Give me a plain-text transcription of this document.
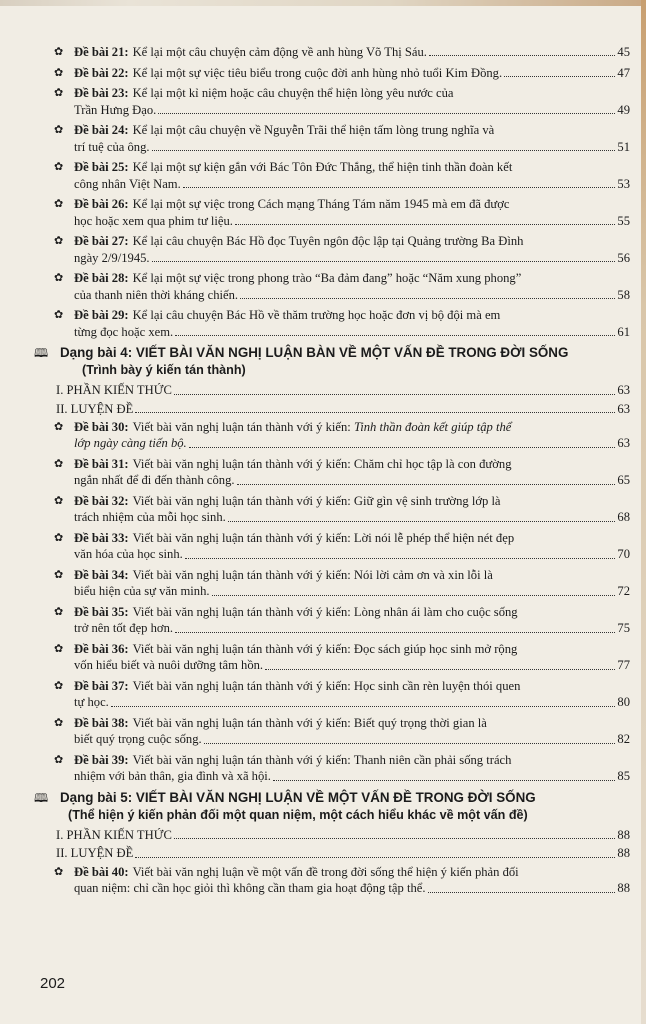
✿ Đề bài 21: Kể lại một câu chuyện cảm động về anh hùng Võ Thị Sáu.	45
✿ Đề bài 22: Kể lại một sự việc tiêu biểu trong cuộc đời anh hùng nhỏ tuổi Kim Đồng.	47
✿ Đề bài 23: Kể lại một kỉ niệm hoặc câu chuyện thể hiện lòng yêu nước của
Trần Hưng Đạo.	49
✿ Đề bài 24: Kể lại một câu chuyện về Nguyễn Trãi thể hiện tấm lòng trung nghĩa và
trí tuệ của ông.	51
✿ Đề bài 25: Kể lại một sự kiện gắn với Bác Tôn Đức Thắng, thể hiện tinh thần đoàn kết
công nhân Việt Nam.	53
✿ Đề bài 26: Kể lại một sự việc trong Cách mạng Tháng Tám năm 1945 mà em đã được
học hoặc xem qua phim tư liệu.	55
✿ Đề bài 27: Kể lại câu chuyện Bác Hồ đọc Tuyên ngôn độc lập tại Quảng trường Ba Đình
ngày 2/9/1945.	56
✿ Đề bài 28: Kể lại một sự việc trong phong trào “Ba đảm đang” hoặc “Năm xung phong”
của thanh niên thời kháng chiến.	58
✿ Đề bài 29: Kể lại câu chuyện Bác Hồ về thăm trường học hoặc đơn vị bộ đội mà em
từng đọc hoặc xem.	61
🕮 Dạng bài 4: VIẾT BÀI VĂN NGHỊ LUẬN BÀN VỀ MỘT VẤN ĐỀ TRONG ĐỜI SỐNG
(Trình bày ý kiến tán thành)
I. PHẦN KIẾN THỨC	63
II. LUYỆN ĐỀ	63
✿ Đề bài 30: Viết bài văn nghị luận tán thành với ý kiến: Tinh thần đoàn kết giúp tập thể
lớp ngày càng tiến bộ.	63
✿ Đề bài 31: Viết bài văn nghị luận tán thành với ý kiến: Chăm chỉ học tập là con đường
ngắn nhất để đi đến thành công.	65
✿ Đề bài 32: Viết bài văn nghị luận tán thành với ý kiến: Giữ gìn vệ sinh trường lớp là
trách nhiệm của mỗi học sinh.	68
✿ Đề bài 33: Viết bài văn nghị luận tán thành với ý kiến: Lời nói lễ phép thể hiện nét đẹp
văn hóa của học sinh.	70
✿ Đề bài 34: Viết bài văn nghị luận tán thành với ý kiến: Nói lời cảm ơn và xin lỗi là
biểu hiện của sự văn minh.	72
✿ Đề bài 35: Viết bài văn nghị luận tán thành với ý kiến: Lòng nhân ái làm cho cuộc sống
trở nên tốt đẹp hơn.	75
✿ Đề bài 36: Viết bài văn nghị luận tán thành với ý kiến: Đọc sách giúp học sinh mở rộng
vốn hiểu biết và nuôi dưỡng tâm hồn.	77
✿ Đề bài 37: Viết bài văn nghị luận tán thành với ý kiến: Học sinh cần rèn luyện thói quen
tự học.	80
✿ Đề bài 38: Viết bài văn nghị luận tán thành với ý kiến: Biết quý trọng thời gian là
biết quý trọng cuộc sống.	82
✿ Đề bài 39: Viết bài văn nghị luận tán thành với ý kiến: Thanh niên cần phải sống trách
nhiệm với bản thân, gia đình và xã hội.	85
🕮 Dạng bài 5: VIẾT BÀI VĂN NGHỊ LUẬN VỀ MỘT VẤN ĐỀ TRONG ĐỜI SỐNG
(Thể hiện ý kiến phản đối một quan niệm, một cách hiểu khác về một vấn đề)
I. PHẦN KIẾN THỨC	88
II. LUYỆN ĐỀ	88
✿ Đề bài 40: Viết bài văn nghị luận về một vấn đề trong đời sống thể hiện ý kiến phản đối
quan niệm: chỉ cần học giỏi thì không cần tham gia hoạt động tập thể.	88
202
